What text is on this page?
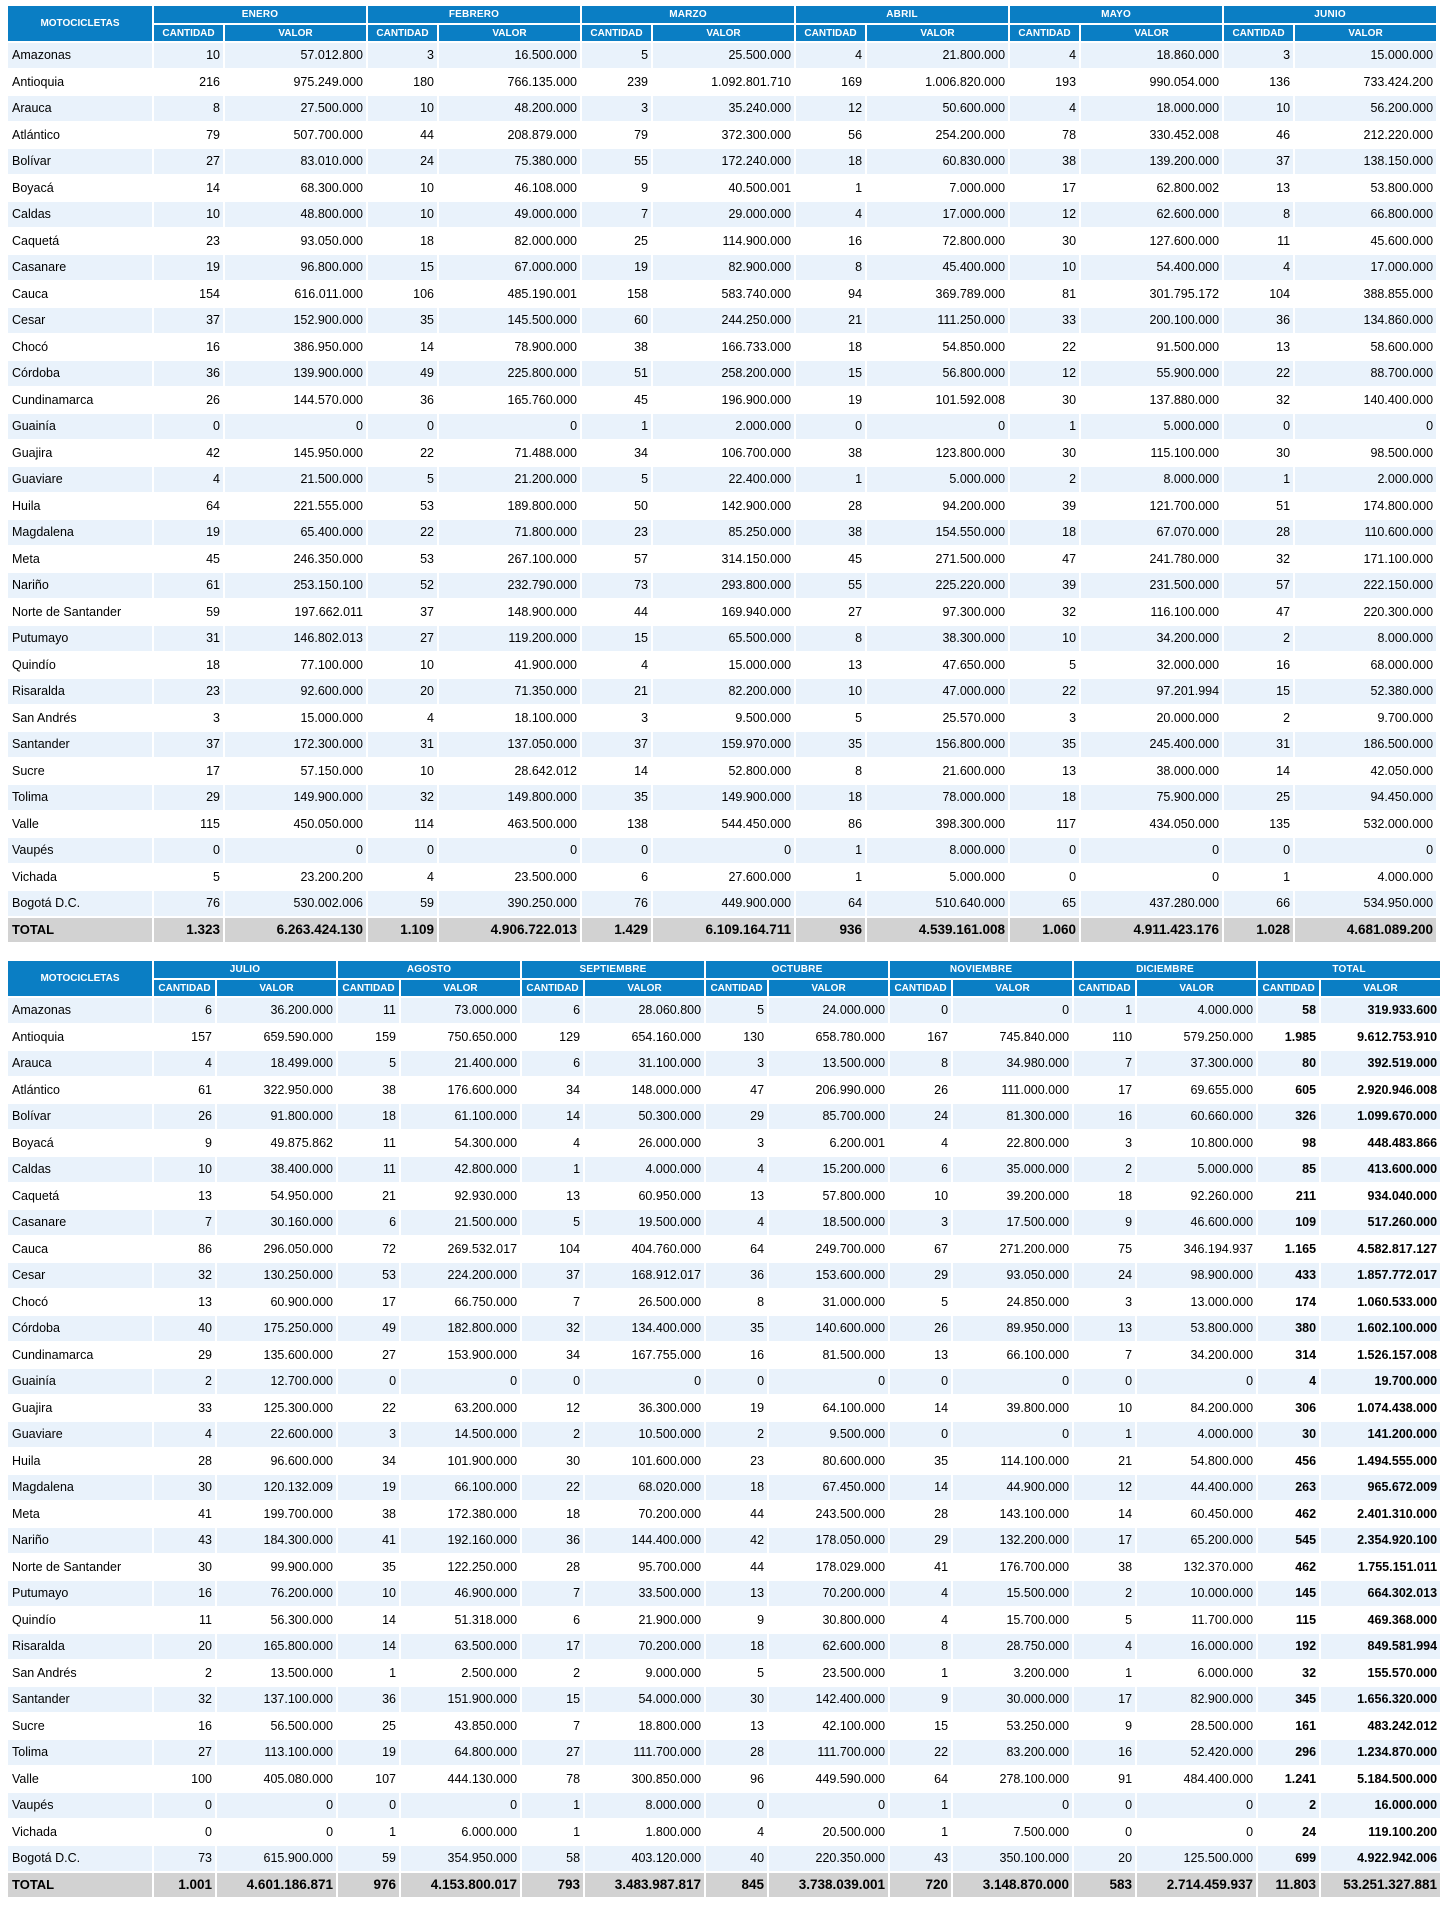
MOTOCICLETAS	ENERO		FEBRERO		MARZO		ABRIL		MAYO		JUNIO	
	CANTIDAD	VALOR	CANTIDAD	VALOR	CANTIDAD	VALOR	CANTIDAD	VALOR	CANTIDAD	VALOR	CANTIDAD	VALOR
Amazonas	10	57.012.800	3	16.500.000	5	25.500.000	4	21.800.000	4	18.860.000	3	15.000.000
Antioquia	216	975.249.000	180	766.135.000	239	1.092.801.710	169	1.006.820.000	193	990.054.000	136	733.424.200
Arauca	8	27.500.000	10	48.200.000	3	35.240.000	12	50.600.000	4	18.000.000	10	56.200.000
Atlántico	79	507.700.000	44	208.879.000	79	372.300.000	56	254.200.000	78	330.452.008	46	212.220.000
Bolívar	27	83.010.000	24	75.380.000	55	172.240.000	18	60.830.000	38	139.200.000	37	138.150.000
Boyacá	14	68.300.000	10	46.108.000	9	40.500.001	1	7.000.000	17	62.800.002	13	53.800.000
Caldas	10	48.800.000	10	49.000.000	7	29.000.000	4	17.000.000	12	62.600.000	8	66.800.000
Caquetá	23	93.050.000	18	82.000.000	25	114.900.000	16	72.800.000	30	127.600.000	11	45.600.000
Casanare	19	96.800.000	15	67.000.000	19	82.900.000	8	45.400.000	10	54.400.000	4	17.000.000
Cauca	154	616.011.000	106	485.190.001	158	583.740.000	94	369.789.000	81	301.795.172	104	388.855.000
Cesar	37	152.900.000	35	145.500.000	60	244.250.000	21	111.250.000	33	200.100.000	36	134.860.000
Chocó	16	386.950.000	14	78.900.000	38	166.733.000	18	54.850.000	22	91.500.000	13	58.600.000
Córdoba	36	139.900.000	49	225.800.000	51	258.200.000	15	56.800.000	12	55.900.000	22	88.700.000
Cundinamarca	26	144.570.000	36	165.760.000	45	196.900.000	19	101.592.008	30	137.880.000	32	140.400.000
Guainía	0	0	0	0	1	2.000.000	0	0	1	5.000.000	0	0
Guajira	42	145.950.000	22	71.488.000	34	106.700.000	38	123.800.000	30	115.100.000	30	98.500.000
Guaviare	4	21.500.000	5	21.200.000	5	22.400.000	1	5.000.000	2	8.000.000	1	2.000.000
Huila	64	221.555.000	53	189.800.000	50	142.900.000	28	94.200.000	39	121.700.000	51	174.800.000
Magdalena	19	65.400.000	22	71.800.000	23	85.250.000	38	154.550.000	18	67.070.000	28	110.600.000
Meta	45	246.350.000	53	267.100.000	57	314.150.000	45	271.500.000	47	241.780.000	32	171.100.000
Nariño	61	253.150.100	52	232.790.000	73	293.800.000	55	225.220.000	39	231.500.000	57	222.150.000
Norte de Santander	59	197.662.011	37	148.900.000	44	169.940.000	27	97.300.000	32	116.100.000	47	220.300.000
Putumayo	31	146.802.013	27	119.200.000	15	65.500.000	8	38.300.000	10	34.200.000	2	8.000.000
Quindío	18	77.100.000	10	41.900.000	4	15.000.000	13	47.650.000	5	32.000.000	16	68.000.000
Risaralda	23	92.600.000	20	71.350.000	21	82.200.000	10	47.000.000	22	97.201.994	15	52.380.000
San Andrés	3	15.000.000	4	18.100.000	3	9.500.000	5	25.570.000	3	20.000.000	2	9.700.000
Santander	37	172.300.000	31	137.050.000	37	159.970.000	35	156.800.000	35	245.400.000	31	186.500.000
Sucre	17	57.150.000	10	28.642.012	14	52.800.000	8	21.600.000	13	38.000.000	14	42.050.000
Tolima	29	149.900.000	32	149.800.000	35	149.900.000	18	78.000.000	18	75.900.000	25	94.450.000
Valle	115	450.050.000	114	463.500.000	138	544.450.000	86	398.300.000	117	434.050.000	135	532.000.000
Vaupés	0	0	0	0	0	0	1	8.000.000	0	0	0	0
Vichada	5	23.200.200	4	23.500.000	6	27.600.000	1	5.000.000	0	0	1	4.000.000
Bogotá D.C.	76	530.002.006	59	390.250.000	76	449.900.000	64	510.640.000	65	437.280.000	66	534.950.000
TOTAL	1.323	6.263.424.130	1.109	4.906.722.013	1.429	6.109.164.711	936	4.539.161.008	1.060	4.911.423.176	1.028	4.681.089.200
MOTOCICLETAS	JULIO		AGOSTO		SEPTIEMBRE		OCTUBRE		NOVIEMBRE		DICIEMBRE		TOTAL	
	CANTIDAD	VALOR	CANTIDAD	VALOR	CANTIDAD	VALOR	CANTIDAD	VALOR	CANTIDAD	VALOR	CANTIDAD	VALOR	CANTIDAD	VALOR
Amazonas	6	36.200.000	11	73.000.000	6	28.060.800	5	24.000.000	0	0	1	4.000.000	58	319.933.600
Antioquia	157	659.590.000	159	750.650.000	129	654.160.000	130	658.780.000	167	745.840.000	110	579.250.000	1.985	9.612.753.910
Arauca	4	18.499.000	5	21.400.000	6	31.100.000	3	13.500.000	8	34.980.000	7	37.300.000	80	392.519.000
Atlántico	61	322.950.000	38	176.600.000	34	148.000.000	47	206.990.000	26	111.000.000	17	69.655.000	605	2.920.946.008
Bolívar	26	91.800.000	18	61.100.000	14	50.300.000	29	85.700.000	24	81.300.000	16	60.660.000	326	1.099.670.000
Boyacá	9	49.875.862	11	54.300.000	4	26.000.000	3	6.200.001	4	22.800.000	3	10.800.000	98	448.483.866
Caldas	10	38.400.000	11	42.800.000	1	4.000.000	4	15.200.000	6	35.000.000	2	5.000.000	85	413.600.000
Caquetá	13	54.950.000	21	92.930.000	13	60.950.000	13	57.800.000	10	39.200.000	18	92.260.000	211	934.040.000
Casanare	7	30.160.000	6	21.500.000	5	19.500.000	4	18.500.000	3	17.500.000	9	46.600.000	109	517.260.000
Cauca	86	296.050.000	72	269.532.017	104	404.760.000	64	249.700.000	67	271.200.000	75	346.194.937	1.165	4.582.817.127
Cesar	32	130.250.000	53	224.200.000	37	168.912.017	36	153.600.000	29	93.050.000	24	98.900.000	433	1.857.772.017
Chocó	13	60.900.000	17	66.750.000	7	26.500.000	8	31.000.000	5	24.850.000	3	13.000.000	174	1.060.533.000
Córdoba	40	175.250.000	49	182.800.000	32	134.400.000	35	140.600.000	26	89.950.000	13	53.800.000	380	1.602.100.000
Cundinamarca	29	135.600.000	27	153.900.000	34	167.755.000	16	81.500.000	13	66.100.000	7	34.200.000	314	1.526.157.008
Guainía	2	12.700.000	0	0	0	0	0	0	0	0	0	0	4	19.700.000
Guajira	33	125.300.000	22	63.200.000	12	36.300.000	19	64.100.000	14	39.800.000	10	84.200.000	306	1.074.438.000
Guaviare	4	22.600.000	3	14.500.000	2	10.500.000	2	9.500.000	0	0	1	4.000.000	30	141.200.000
Huila	28	96.600.000	34	101.900.000	30	101.600.000	23	80.600.000	35	114.100.000	21	54.800.000	456	1.494.555.000
Magdalena	30	120.132.009	19	66.100.000	22	68.020.000	18	67.450.000	14	44.900.000	12	44.400.000	263	965.672.009
Meta	41	199.700.000	38	172.380.000	18	70.200.000	44	243.500.000	28	143.100.000	14	60.450.000	462	2.401.310.000
Nariño	43	184.300.000	41	192.160.000	36	144.400.000	42	178.050.000	29	132.200.000	17	65.200.000	545	2.354.920.100
Norte de Santander	30	99.900.000	35	122.250.000	28	95.700.000	44	178.029.000	41	176.700.000	38	132.370.000	462	1.755.151.011
Putumayo	16	76.200.000	10	46.900.000	7	33.500.000	13	70.200.000	4	15.500.000	2	10.000.000	145	664.302.013
Quindío	11	56.300.000	14	51.318.000	6	21.900.000	9	30.800.000	4	15.700.000	5	11.700.000	115	469.368.000
Risaralda	20	165.800.000	14	63.500.000	17	70.200.000	18	62.600.000	8	28.750.000	4	16.000.000	192	849.581.994
San Andrés	2	13.500.000	1	2.500.000	2	9.000.000	5	23.500.000	1	3.200.000	1	6.000.000	32	155.570.000
Santander	32	137.100.000	36	151.900.000	15	54.000.000	30	142.400.000	9	30.000.000	17	82.900.000	345	1.656.320.000
Sucre	16	56.500.000	25	43.850.000	7	18.800.000	13	42.100.000	15	53.250.000	9	28.500.000	161	483.242.012
Tolima	27	113.100.000	19	64.800.000	27	111.700.000	28	111.700.000	22	83.200.000	16	52.420.000	296	1.234.870.000
Valle	100	405.080.000	107	444.130.000	78	300.850.000	96	449.590.000	64	278.100.000	91	484.400.000	1.241	5.184.500.000
Vaupés	0	0	0	0	1	8.000.000	0	0	1	0	0	0	2	16.000.000
Vichada	0	0	1	6.000.000	1	1.800.000	4	20.500.000	1	7.500.000	0	0	24	119.100.200
Bogotá D.C.	73	615.900.000	59	354.950.000	58	403.120.000	40	220.350.000	43	350.100.000	20	125.500.000	699	4.922.942.006
TOTAL	1.001	4.601.186.871	976	4.153.800.017	793	3.483.987.817	845	3.738.039.001	720	3.148.870.000	583	2.714.459.937	11.803	53.251.327.881
